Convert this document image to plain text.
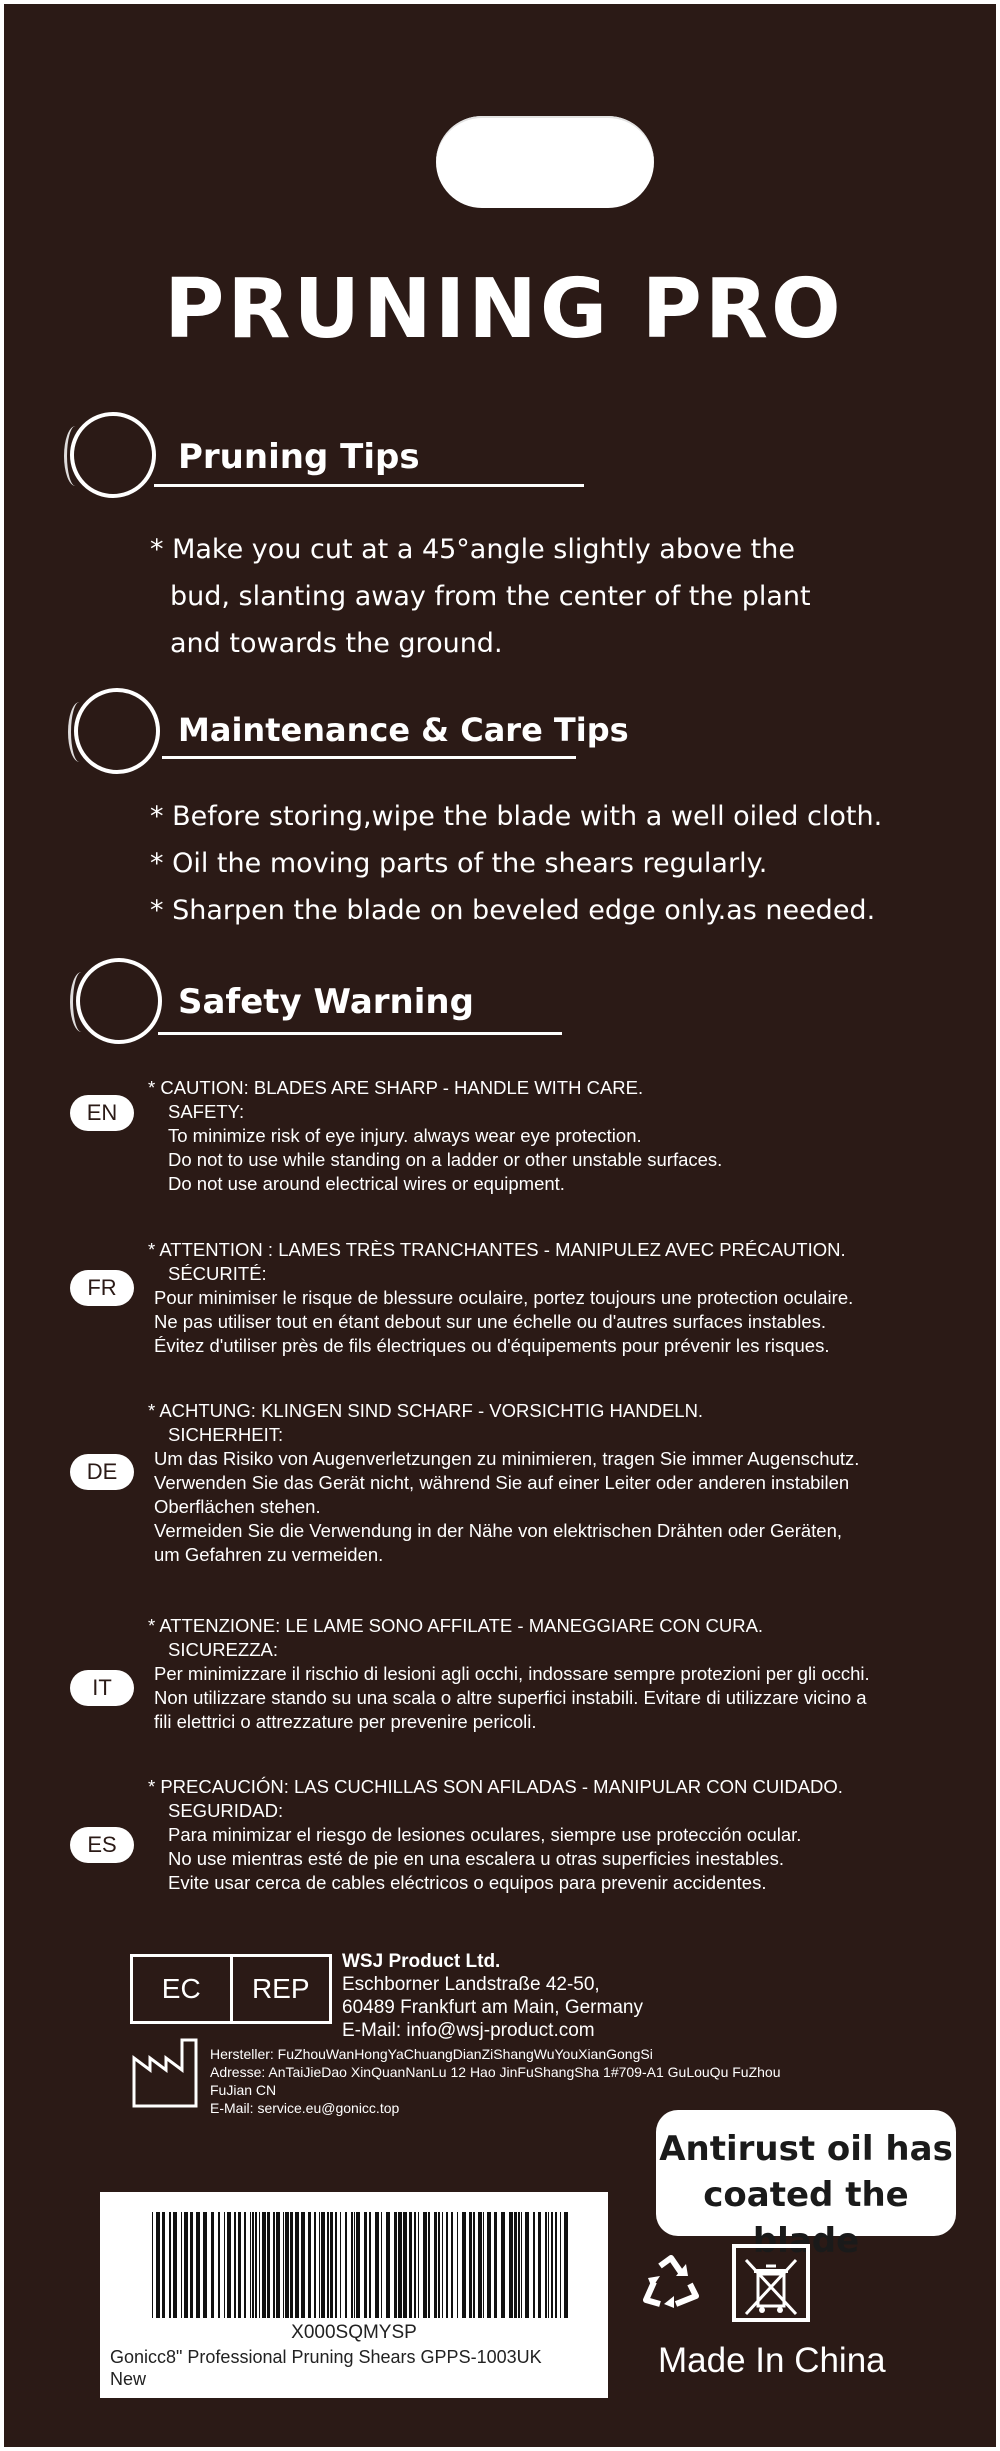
PRUNING PRO
Pruning Tips

* Make you cut at a 45°angle slightly above the

bud, slanting away from the center of the plant

and towards the ground.

Maintenance & Care Tips

* Before storing,wipe the blade with a well oiled cloth.

* Oil the moving parts of the shears regularly.

* Sharpen the blade on beveled edge only.as needed.

Safety Warning
EN
* CAUTION: BLADES ARE SHARP - HANDLE WITH CARE.
SAFETY:
To minimize risk of eye injury. always wear eye protection.
Do not to use while standing on a ladder or other unstable surfaces.
Do not use around electrical wires or equipment.
FR
* ATTENTION : LAMES TRÈS TRANCHANTES - MANIPULEZ AVEC PRÉCAUTION.
SÉCURITÉ:
Pour minimiser le risque de blessure oculaire, portez toujours une protection oculaire.
Ne pas utiliser tout en étant debout sur une échelle ou d'autres surfaces instables.
Évitez d'utiliser près de fils électriques ou d'équipements pour prévenir les risques.
DE
* ACHTUNG: KLINGEN SIND SCHARF - VORSICHTIG HANDELN.
SICHERHEIT:
Um das Risiko von Augenverletzungen zu minimieren, tragen Sie immer Augenschutz.
Verwenden Sie das Gerät nicht, während Sie auf einer Leiter oder anderen instabilen
Oberflächen stehen.
Vermeiden Sie die Verwendung in der Nähe von elektrischen Drähten oder Geräten,
um Gefahren zu vermeiden.
IT
* ATTENZIONE: LE LAME SONO AFFILATE - MANEGGIARE CON CURA.
SICUREZZA:
Per minimizzare il rischio di lesioni agli occhi, indossare sempre protezioni per gli occhi.
Non utilizzare stando su una scala o altre superfici instabili. Evitare di utilizzare vicino a
fili elettrici o attrezzature per prevenire pericoli.
ES
* PRECAUCIÓN: LAS CUCHILLAS SON AFILADAS - MANIPULAR CON CUIDADO.
SEGURIDAD:
Para minimizar el riesgo de lesiones oculares, siempre use protección ocular.
No use mientras esté de pie en una escalera u otras superficies inestables.
Evite usar cerca de cables eléctricos o equipos para prevenir accidentes.
EC	REP
WSJ Product Ltd.
Eschborner Landstraße 42-50,
60489 Frankfurt am Main, Germany
E-Mail: info@wsj-product.com
Hersteller: FuZhouWanHongYaChuangDianZiShangWuYouXianGongSi
Adresse: AnTaiJieDao XinQuanNanLu 12 Hao JinFuShangSha 1#709-A1 GuLouQu FuZhou
FuJian CN
E-Mail: service.eu@gonicc.top
Antirust oil has
coated the blade
X000SQMYSP
Gonicc8" Professional Pruning Shears GPPS-1003UK
New	Made In China
